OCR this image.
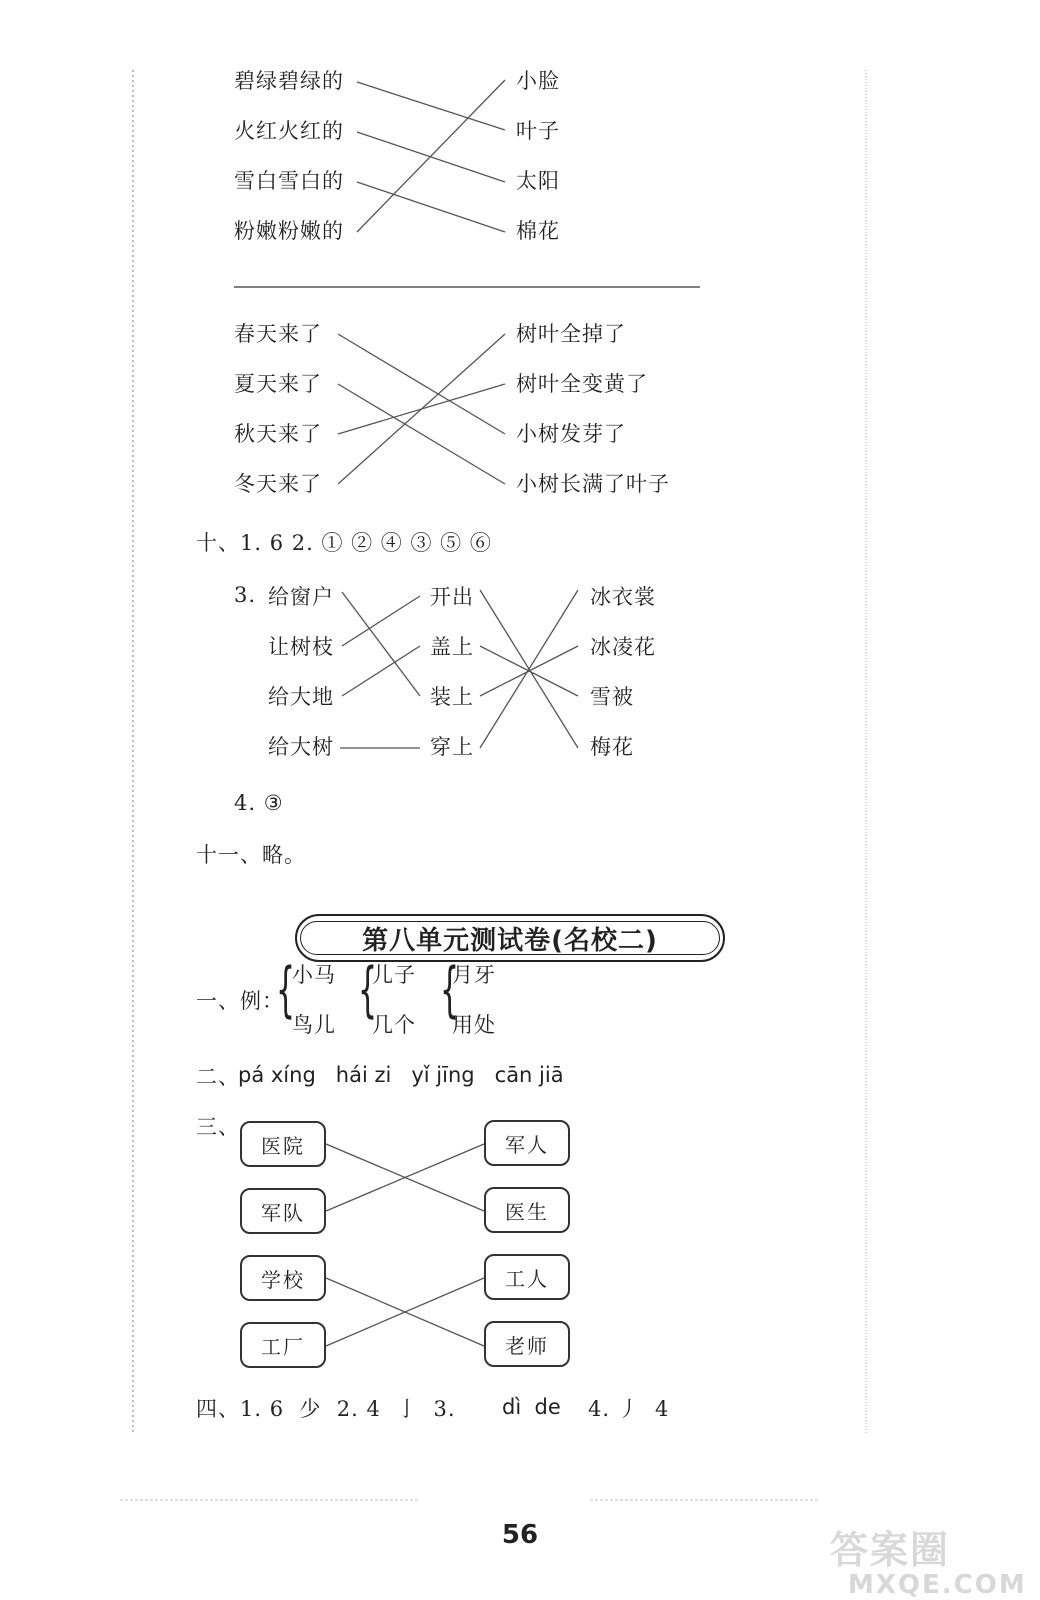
碧绿碧绿的
火红火红的
雪白雪白的
粉嫩粉嫩的
小脸
叶子
太阳
棉花
春天来了
夏天来了
秋天来了
冬天来了
树叶全掉了
树叶全变黄了
小树发芽了
小树长满了叶子
十、1. 6 2. ① ② ④ ③ ⑤ ⑥
3. 给窗户
让树枝
给大地
给大树
开出
盖上
装上
穿上
冰衣裳
冰凌花
雪被
梅花
4. ③
十一、略。
第八单元测试卷(名校二)
一、例：
{
小马
鸟儿 {
儿子
几个 {
月牙
用处
二、
pá xíng   hái zi   yǐ jīng   cān jiā
三、
医院
军队
学校
工厂
军人
医生
工人
老师
四、1. 6  少  2. 4  亅  3. dì  de 4. 丿  4
56	答案圈
MXQE.COM
